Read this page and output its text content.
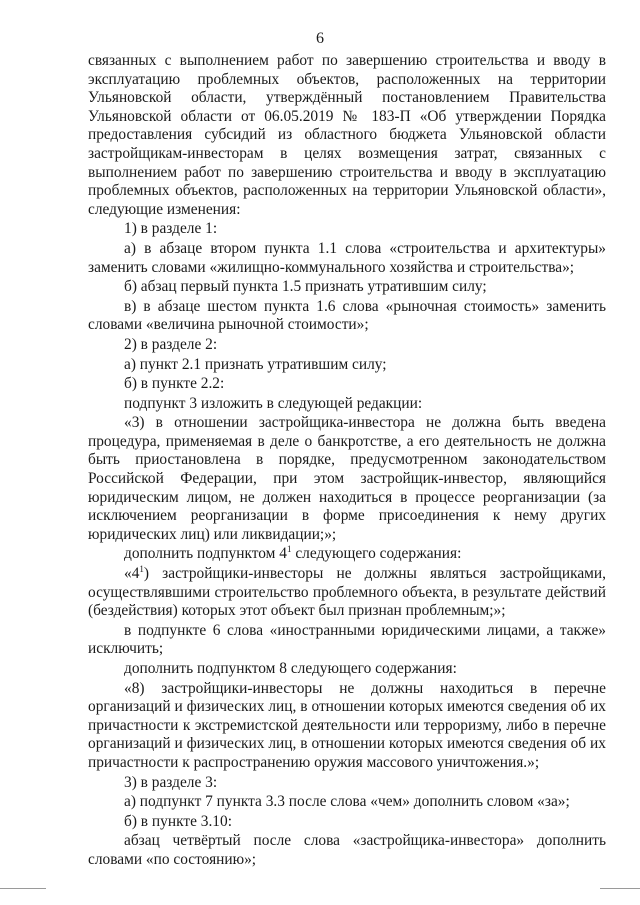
6

связанных с выполнением работ по завершению строительства и вводу в эксплуатацию проблемных объектов, расположенных на территории Ульяновской области, утверждённый постановлением Правительства Ульяновской области от 06.05.2019 № 183-П «Об утверждении Порядка предоставления субсидий из областного бюджета Ульяновской области застройщикам-инвесторам в целях возмещения затрат, связанных с выполнением работ по завершению строительства и вводу в эксплуатацию проблемных объектов, расположенных на территории Ульяновской области», следующие изменения:

1) в разделе 1:

а) в абзаце втором пункта 1.1 слова «строительства и архитектуры» заменить словами «жилищно-коммунального хозяйства и строительства»;

б) абзац первый пункта 1.5 признать утратившим силу;

в) в абзаце шестом пункта 1.6 слова «рыночная стоимость» заменить словами «величина рыночной стоимости»;

2) в разделе 2:

а) пункт 2.1 признать утратившим силу;

б) в пункте 2.2:

подпункт 3 изложить в следующей редакции:

«3) в отношении застройщика-инвестора не должна быть введена процедура, применяемая в деле о банкротстве, а его деятельность не должна быть приостановлена в порядке, предусмотренном законодательством Российской Федерации, при этом застройщик-инвестор, являющийся юридическим лицом, не должен находиться в процессе реорганизации (за исключением реорганизации в форме присоединения к нему других юридических лиц) или ликвидации;»;

дополнить подпунктом $4^1$ следующего содержания:

«$4^1$) застройщики-инвесторы не должны являться застройщиками, осуществлявшими строительство проблемного объекта, в результате действий (бездействия) которых этот объект был признан проблемным;»;

в подпункте 6 слова «иностранными юридическими лицами, а также» исключить;

дополнить подпунктом 8 следующего содержания:

«8) застройщики-инвесторы не должны находиться в перечне организаций и физических лиц, в отношении которых имеются сведения об их причастности к экстремистской деятельности или терроризму, либо в перечне организаций и физических лиц, в отношении которых имеются сведения об их причастности к распространению оружия массового уничтожения.»;

3) в разделе 3:

а) подпункт 7 пункта 3.3 после слова «чем» дополнить словом «за»;

б) в пункте 3.10:

абзац четвёртый после слова «застройщика-инвестора» дополнить словами «по состоянию»;
